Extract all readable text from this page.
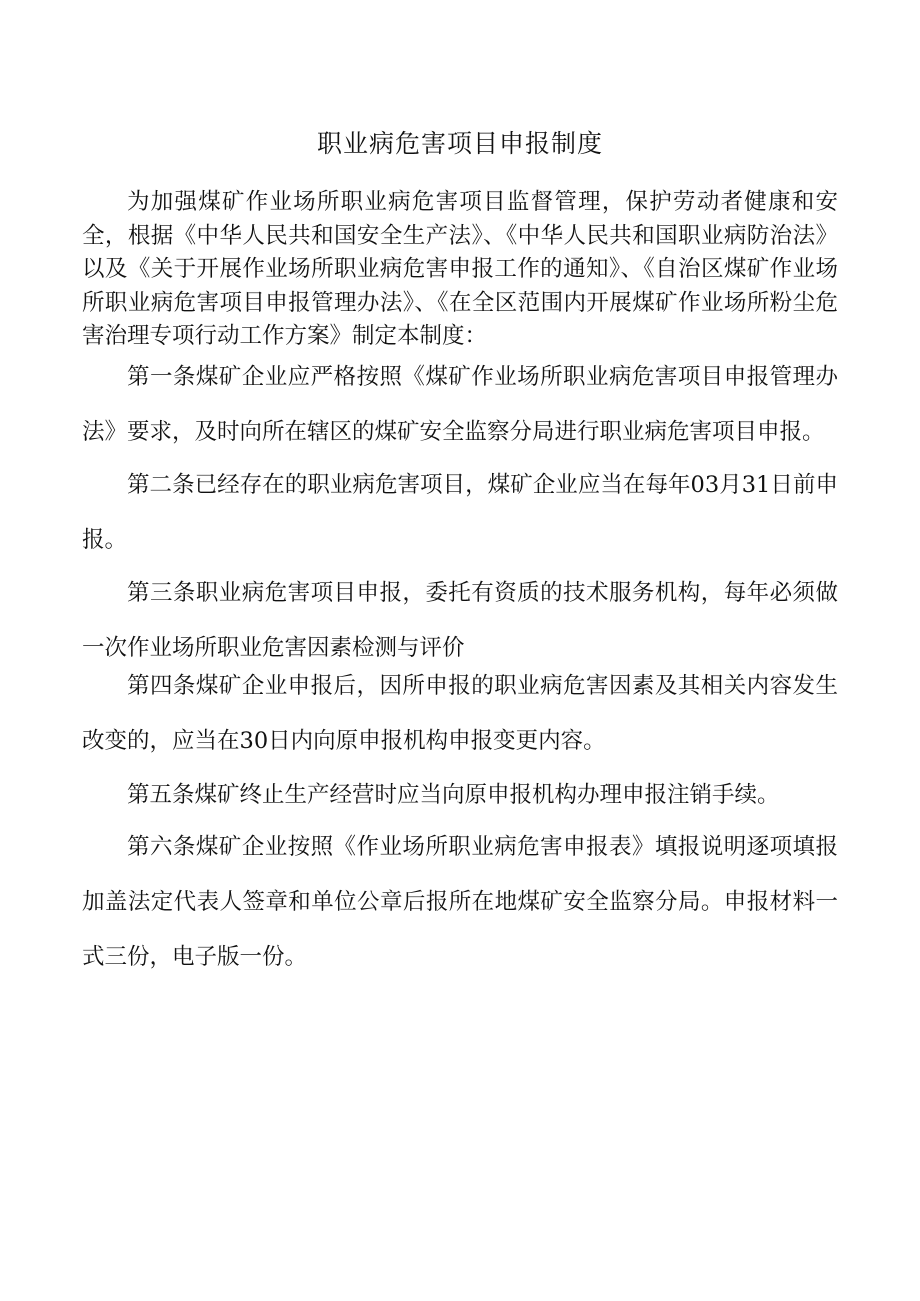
职业病危害项目申报制度

为加强煤矿作业场所职业病危害项目监督管理，保护劳动者健康和安全，根据《中华人民共和国安全生产法》、《中华人民共和国职业病防治法》以及《关于开展作业场所职业病危害申报工作的通知》、《自治区煤矿作业场所职业病危害项目申报管理办法》、《在全区范围内开展煤矿作业场所粉尘危害治理专项行动工作方案》制定本制度：

第一条煤矿企业应严格按照《煤矿作业场所职业病危害项目申报管理办法》要求，及时向所在辖区的煤矿安全监察分局进行职业病危害项目申报。

第二条已经存在的职业病危害项目，煤矿企业应当在每年03月31日前申报。

第三条职业病危害项目申报，委托有资质的技术服务机构，每年必须做一次作业场所职业危害因素检测与评价

第四条煤矿企业申报后，因所申报的职业病危害因素及其相关内容发生改变的，应当在30日内向原申报机构申报变更内容。

第五条煤矿终止生产经营时应当向原申报机构办理申报注销手续。

第六条煤矿企业按照《作业场所职业病危害申报表》填报说明逐项填报加盖法定代表人签章和单位公章后报所在地煤矿安全监察分局。申报材料一式三份，电子版一份。
